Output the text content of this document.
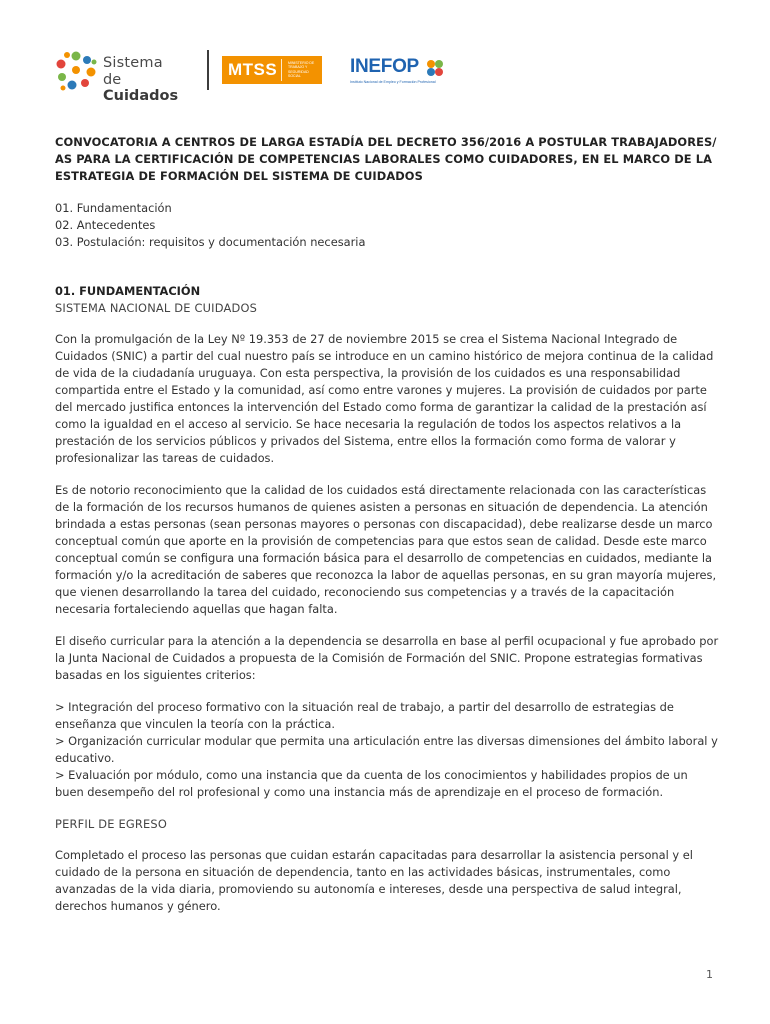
Sistema
de Cuidados
MTSS	MINISTERIO DE TRABAJO Y SEGURIDAD SOCIAL	INEFOP
Instituto Nacional de Empleo y Formación Profesional
CONVOCATORIA A CENTROS DE LARGA ESTADÍA DEL DECRETO 356/2016 A POSTULAR TRABAJADORES/ AS PARA LA CERTIFICACIÓN DE COMPETENCIAS LABORALES COMO CUIDADORES, EN EL MARCO DE LA ESTRATEGIA DE FORMACIÓN DEL SISTEMA DE CUIDADOS
01. Fundamentación
02. Antecedentes
03. Postulación: requisitos y documentación necesaria
01. FUNDAMENTACIÓN
SISTEMA NACIONAL DE CUIDADOS

Con la promulgación de la Ley Nº 19.353 de 27 de noviembre 2015 se crea el Sistema Nacional Integrado de Cuidados (SNIC) a partir del cual nuestro país se introduce en un camino histórico de mejora continua de la calidad de vida de la ciudadanía uruguaya. Con esta perspectiva, la provisión de los cuidados es una responsabilidad compartida entre el Estado y la comunidad, así como entre varones y mujeres. La provisión de cuidados por parte del mercado justifica entonces la intervención del Estado como forma de garantizar la calidad de la prestación así como la igualdad en el acceso al servicio. Se hace necesaria la regulación de todos los aspectos relativos a la prestación de los servicios públicos y privados del Sistema, entre ellos la formación como forma de valorar y profesionalizar las tareas de cuidados.

Es de notorio reconocimiento que la calidad de los cuidados está directamente relacionada con las características de la formación de los recursos humanos de quienes asisten a personas en situación de dependencia. La atención brindada a estas personas (sean personas mayores o personas con discapacidad), debe realizarse desde un marco conceptual común que aporte en la provisión de competencias para que estos sean de calidad. Desde este marco conceptual común se configura una formación básica para el desarrollo de competencias en cuidados, mediante la formación y/o la acreditación de saberes que reconozca la labor de aquellas personas, en su gran mayoría mujeres, que vienen desarrollando la tarea del cuidado, reconociendo sus competencias y a través de la capacitación necesaria fortaleciendo aquellas que hagan falta.

El diseño curricular para la atención a la dependencia se desarrolla en base al perfil ocupacional y fue aprobado por la Junta Nacional de Cuidados a propuesta de la Comisión de Formación del SNIC. Propone estrategias formativas basadas en los siguientes criterios:

> Integración del proceso formativo con la situación real de trabajo, a partir del desarrollo de estrategias de enseñanza que vinculen la teoría con la práctica.

> Organización curricular modular que permita una articulación entre las diversas dimensiones del ámbito laboral y educativo.

> Evaluación por módulo, como una instancia que da cuenta de los conocimientos y habilidades propios de un buen desempeño del rol profesional y como una instancia más de aprendizaje en el proceso de formación.

PERFIL DE EGRESO

Completado el proceso las personas que cuidan estarán capacitadas para desarrollar la asistencia personal y el cuidado de la persona en situación de dependencia, tanto en las actividades básicas, instrumentales, como avanzadas de la vida diaria, promoviendo su autonomía e intereses, desde una perspectiva de salud integral, derechos humanos y género.

1
